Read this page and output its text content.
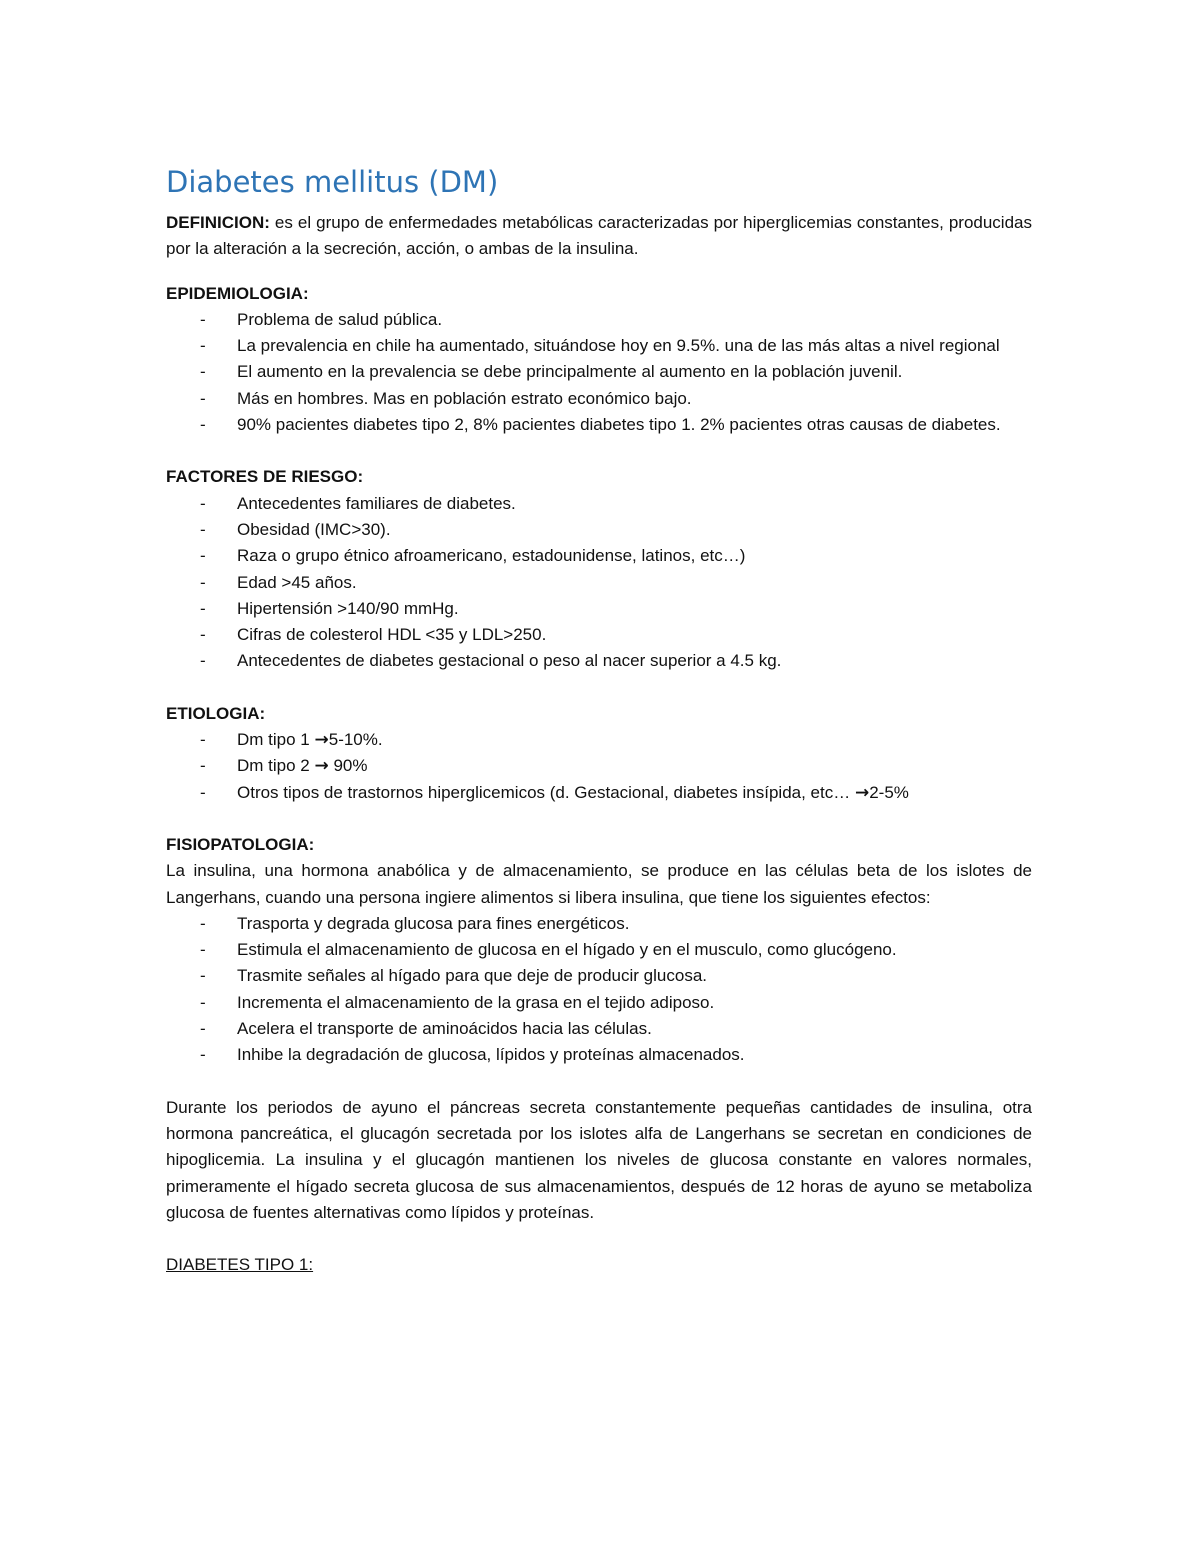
Diabetes mellitus (DM)

DEFINICION: es el grupo de enfermedades metabólicas caracterizadas por hiperglicemias constantes, producidas por la alteración a la secreción, acción, o ambas de la insulina.

EPIDEMIOLOGIA:

- Problema de salud pública.
- La prevalencia en chile ha aumentado, situándose hoy en 9.5%. una de las más altas a nivel regional
- El aumento en la prevalencia se debe principalmente al aumento en la población juvenil.
- Más en hombres. Mas en población estrato económico bajo.
- 90% pacientes diabetes tipo 2, 8% pacientes diabetes tipo 1. 2% pacientes otras causas de diabetes.

FACTORES DE RIESGO:

- Antecedentes familiares de diabetes.
- Obesidad (IMC>30).
- Raza o grupo étnico afroamericano, estadounidense, latinos, etc…)
- Edad >45 años.
- Hipertensión >140/90 mmHg.
- Cifras de colesterol HDL <35 y LDL>250.
- Antecedentes de diabetes gestacional o peso al nacer superior a 4.5 kg.

ETIOLOGIA:

- Dm tipo 1 →5-10%.
- Dm tipo 2 → 90%
- Otros tipos de trastornos hiperglicemicos (d. Gestacional, diabetes insípida, etc… →2-5%

FISIOPATOLOGIA:

La insulina, una hormona anabólica y de almacenamiento, se produce en las células beta de los islotes de Langerhans, cuando una persona ingiere alimentos si libera insulina, que tiene los siguientes efectos:

- Trasporta y degrada glucosa para fines energéticos.
- Estimula el almacenamiento de glucosa en el hígado y en el musculo, como glucógeno.
- Trasmite señales al hígado para que deje de producir glucosa.
- Incrementa el almacenamiento de la grasa en el tejido adiposo.
- Acelera el transporte de aminoácidos hacia las células.
- Inhibe la degradación de glucosa, lípidos y proteínas almacenados.

Durante los periodos de ayuno el páncreas secreta constantemente pequeñas cantidades de insulina, otra hormona pancreática, el glucagón secretada por los islotes alfa de Langerhans se secretan en condiciones de hipoglicemia. La insulina y el glucagón mantienen los niveles de glucosa constante en valores normales, primeramente el hígado secreta glucosa de sus almacenamientos, después de 12 horas de ayuno se metaboliza glucosa de fuentes alternativas como lípidos y proteínas.

DIABETES TIPO 1:
